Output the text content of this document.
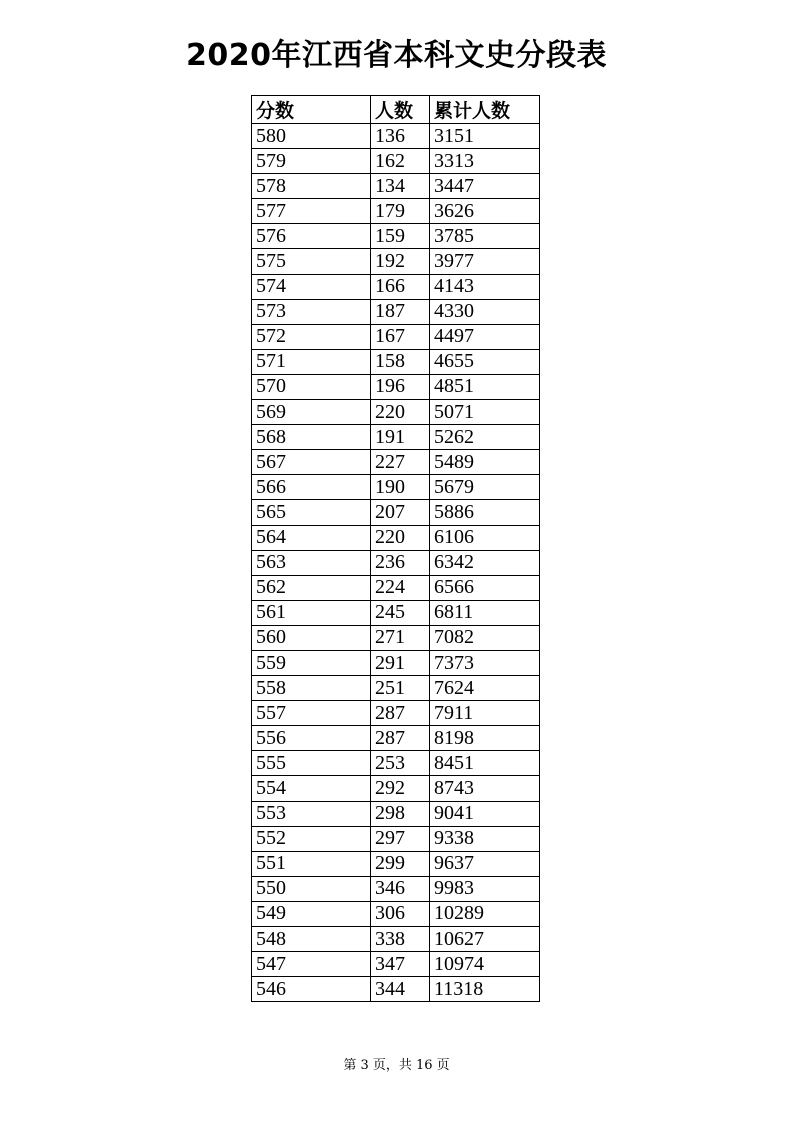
2020年江西省本科文史分段表
分数	人数	累计人数
580	136	3151
579	162	3313
578	134	3447
577	179	3626
576	159	3785
575	192	3977
574	166	4143
573	187	4330
572	167	4497
571	158	4655
570	196	4851
569	220	5071
568	191	5262
567	227	5489
566	190	5679
565	207	5886
564	220	6106
563	236	6342
562	224	6566
561	245	6811
560	271	7082
559	291	7373
558	251	7624
557	287	7911
556	287	8198
555	253	8451
554	292	8743
553	298	9041
552	297	9338
551	299	9637
550	346	9983
549	306	10289
548	338	10627
547	347	10974
546	344	11318
第 3 页，共 16 页
